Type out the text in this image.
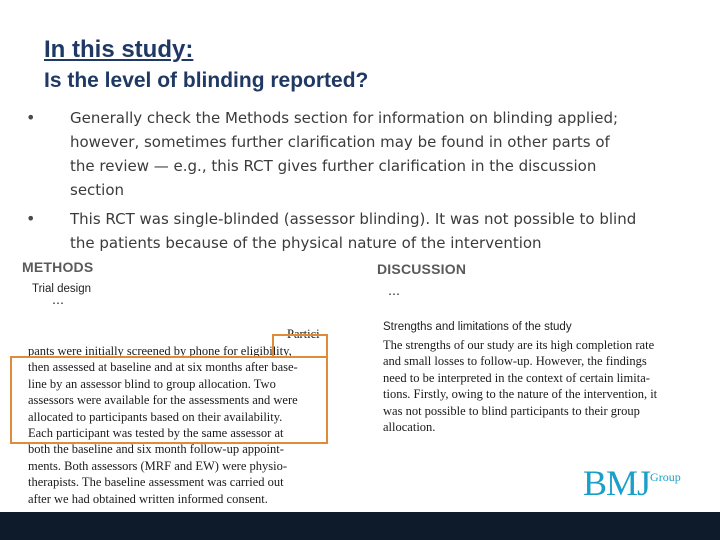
In this study:
Is the level of blinding reported?
• Generally check the Methods section for information on blinding applied;
however, sometimes further clarification may be found in other parts of
the review — e.g., this RCT gives further clarification in the discussion
section
• This RCT was single-blinded (assessor blinding). It was not possible to blind
the patients because of the physical nature of the intervention
METHODS
Trial design
…
Partici-
pants were initially screened by phone for eligibility,
then assessed at baseline and at six months after base-
line by an assessor blind to group allocation. Two
assessors were available for the assessments and were
allocated to participants based on their availability.
Each participant was tested by the same assessor at
both the baseline and six month follow-up appoint-
ments. Both assessors (MRF and EW) were physio-
therapists. The baseline assessment was carried out
after we had obtained written informed consent.
DISCUSSION
…
Strengths and limitations of the study
The strengths of our study are its high completion rate
and small losses to follow-up. However, the findings
need to be interpreted in the context of certain limita-
tions. Firstly, owing to the nature of the intervention, it
was not possible to blind participants to their group
allocation.
$BMJ_{Group}$
